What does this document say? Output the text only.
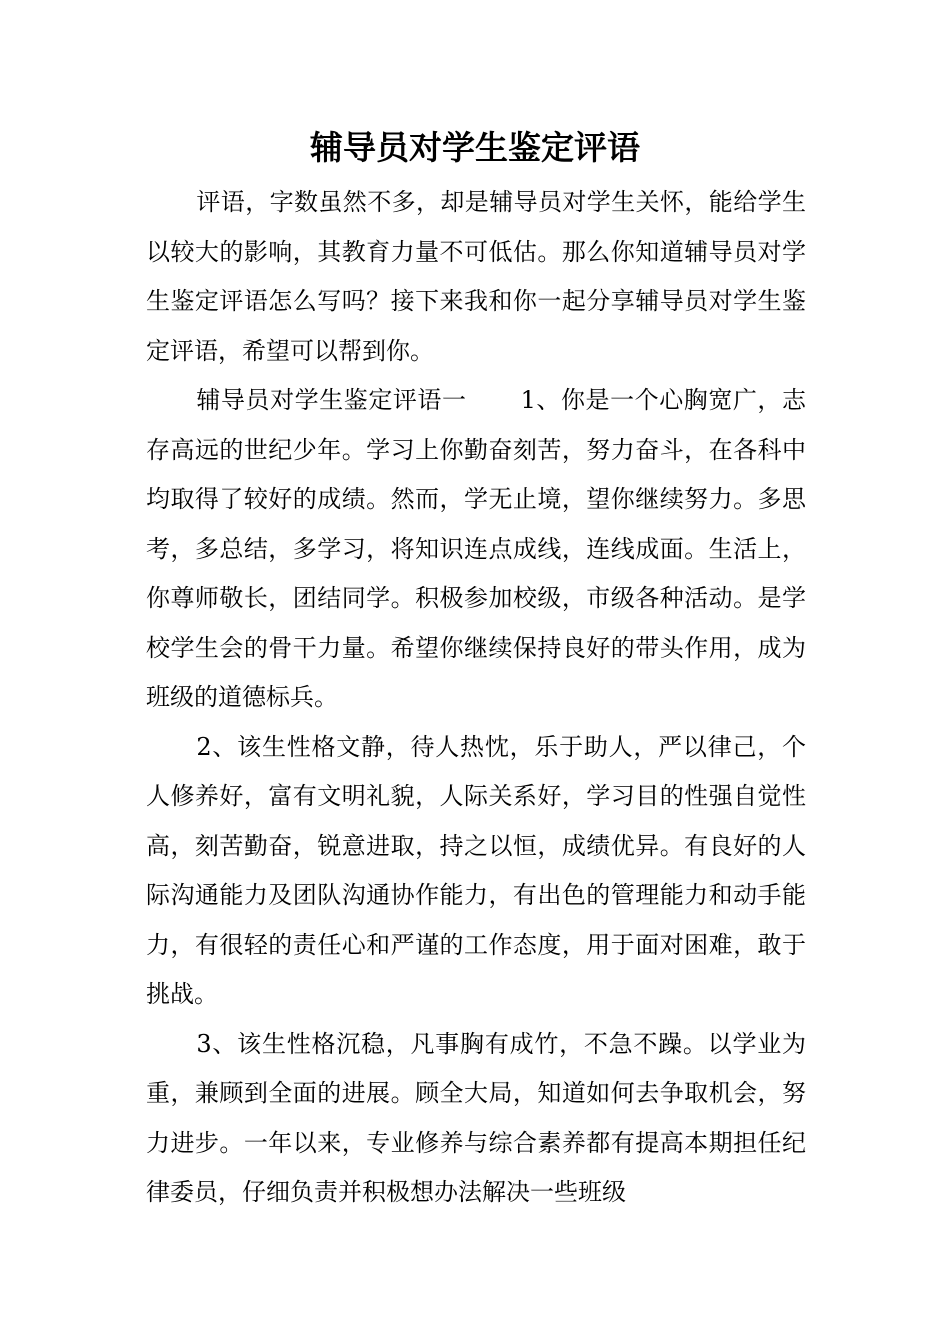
辅导员对学生鉴定评语

评语，字数虽然不多，却是辅导员对学生关怀，能给学生以较大的影响，其教育力量不可低估。那么你知道辅导员对学生鉴定评语怎么写吗？接下来我和你一起分享辅导员对学生鉴定评语，希望可以帮到你。

辅导员对学生鉴定评语一 1、你是一个心胸宽广，志存高远的世纪少年。学习上你勤奋刻苦，努力奋斗，在各科中均取得了较好的成绩。然而，学无止境，望你继续努力。多思考，多总结，多学习，将知识连点成线，连线成面。生活上，你尊师敬长，团结同学。积极参加校级，市级各种活动。是学校学生会的骨干力量。希望你继续保持良好的带头作用，成为班级的道德标兵。

2、该生性格文静，待人热忱，乐于助人，严以律己，个人修养好，富有文明礼貌，人际关系好，学习目的性强自觉性高，刻苦勤奋，锐意进取，持之以恒，成绩优异。有良好的人际沟通能力及团队沟通协作能力，有出色的管理能力和动手能力，有很轻的责任心和严谨的工作态度，用于面对困难，敢于挑战。

3、该生性格沉稳，凡事胸有成竹，不急不躁。以学业为重，兼顾到全面的进展。顾全大局，知道如何去争取机会，努力进步。一年以来，专业修养与综合素养都有提高本期担任纪律委员，仔细负责并积极想办法解决一些班级
